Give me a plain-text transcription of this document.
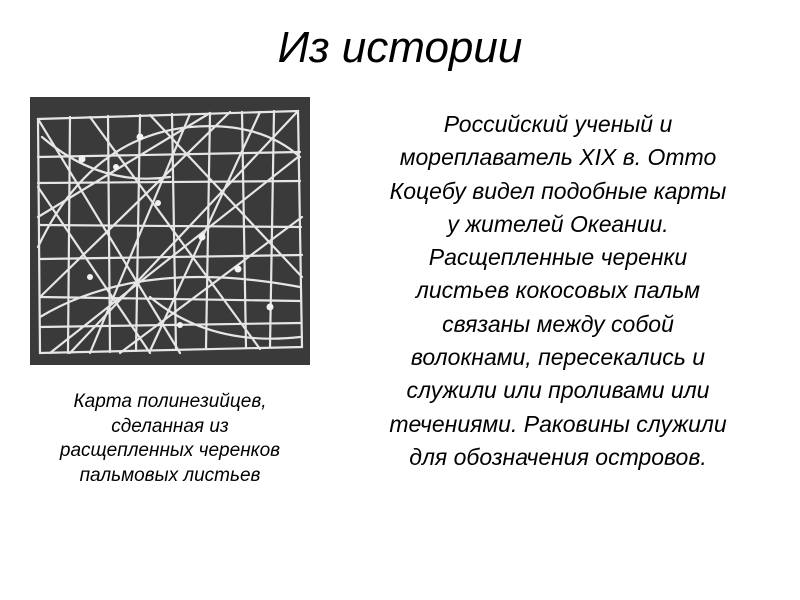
Из истории
Карта полинезийцев,
сделанная из
расщепленных черенков
пальмовых листьев
Российский ученый и
мореплаватель XIX в. Отто
Коцебу видел подобные карты
у жителей Океании.
Расщепленные черенки
листьев кокосовых пальм
связаны между собой
волокнами, пересекались и
служили или проливами или
течениями. Раковины служили
для обозначения островов.
